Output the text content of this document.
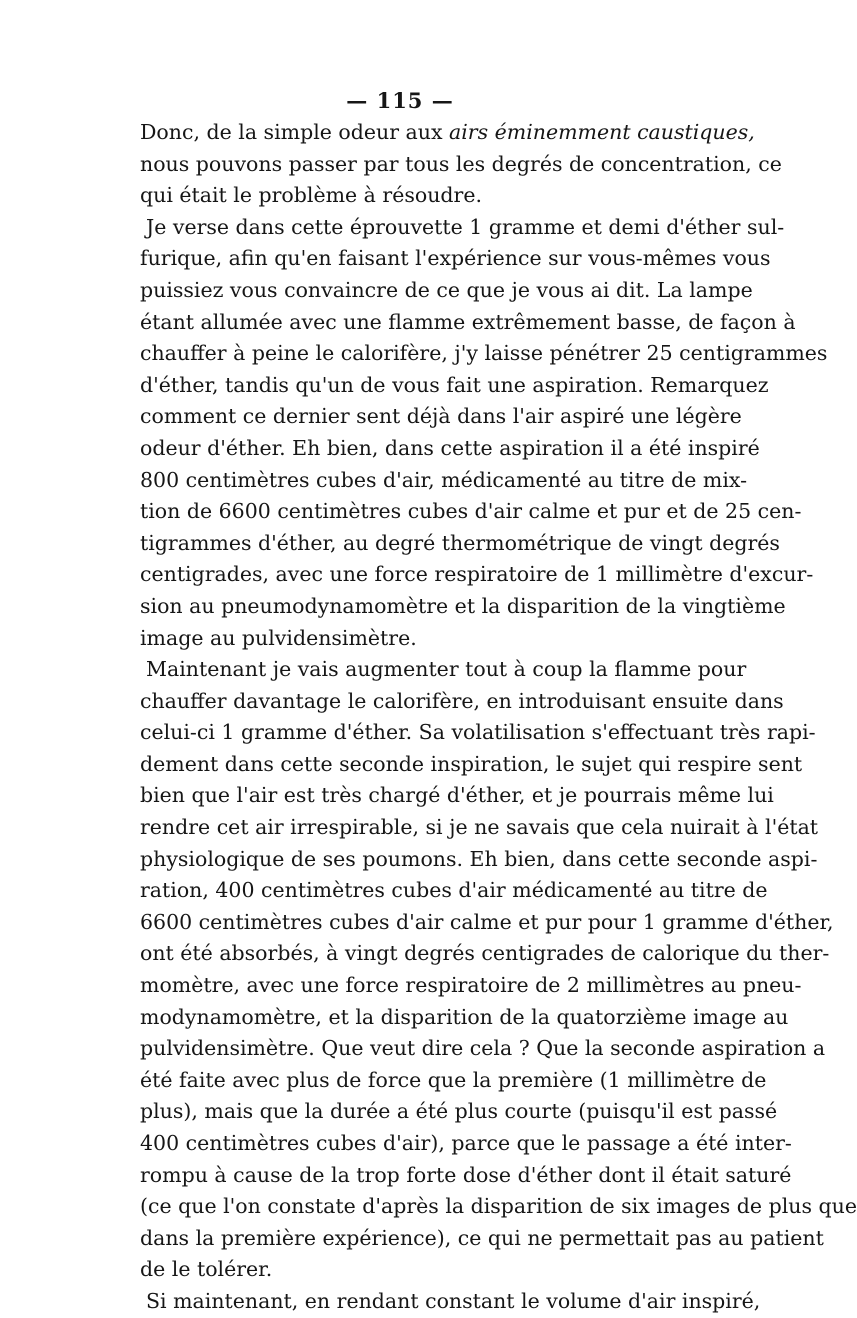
— 115 —
Donc, de la simple odeur aux airs éminemment caustiques,
nous pouvons passer par tous les degrés de concentration, ce
qui était le problème à résoudre.
Je verse dans cette éprouvette 1 gramme et demi d'éther sul-
furique, afin qu'en faisant l'expérience sur vous-mêmes vous
puissiez vous convaincre de ce que je vous ai dit. La lampe
étant allumée avec une flamme extrêmement basse, de façon à
chauffer à peine le calorifère, j'y laisse pénétrer 25 centigrammes
d'éther, tandis qu'un de vous fait une aspiration. Remarquez
comment ce dernier sent déjà dans l'air aspiré une légère
odeur d'éther. Eh bien, dans cette aspiration il a été inspiré
800 centimètres cubes d'air, médicamenté au titre de mix-
tion de 6600 centimètres cubes d'air calme et pur et de 25 cen-
tigrammes d'éther, au degré thermométrique de vingt degrés
centigrades, avec une force respiratoire de 1 millimètre d'excur-
sion au pneumodynamomètre et la disparition de la vingtième
image au pulvidensimètre.
Maintenant je vais augmenter tout à coup la flamme pour
chauffer davantage le calorifère, en introduisant ensuite dans
celui-ci 1 gramme d'éther. Sa volatilisation s'effectuant très rapi-
dement dans cette seconde inspiration, le sujet qui respire sent
bien que l'air est très chargé d'éther, et je pourrais même lui
rendre cet air irrespirable, si je ne savais que cela nuirait à l'état
physiologique de ses poumons. Eh bien, dans cette seconde aspi-
ration, 400 centimètres cubes d'air médicamenté au titre de
6600 centimètres cubes d'air calme et pur pour 1 gramme d'éther,
ont été absorbés, à vingt degrés centigrades de calorique du ther-
momètre, avec une force respiratoire de 2 millimètres au pneu-
modynamomètre, et la disparition de la quatorzième image au
pulvidensimètre. Que veut dire cela ? Que la seconde aspiration a
été faite avec plus de force que la première (1 millimètre de
plus), mais que la durée a été plus courte (puisqu'il est passé
400 centimètres cubes d'air), parce que le passage a été inter-
rompu à cause de la trop forte dose d'éther dont il était saturé
(ce que l'on constate d'après la disparition de six images de plus que
dans la première expérience), ce qui ne permettait pas au patient
de le tolérer.
Si maintenant, en rendant constant le volume d'air inspiré,
